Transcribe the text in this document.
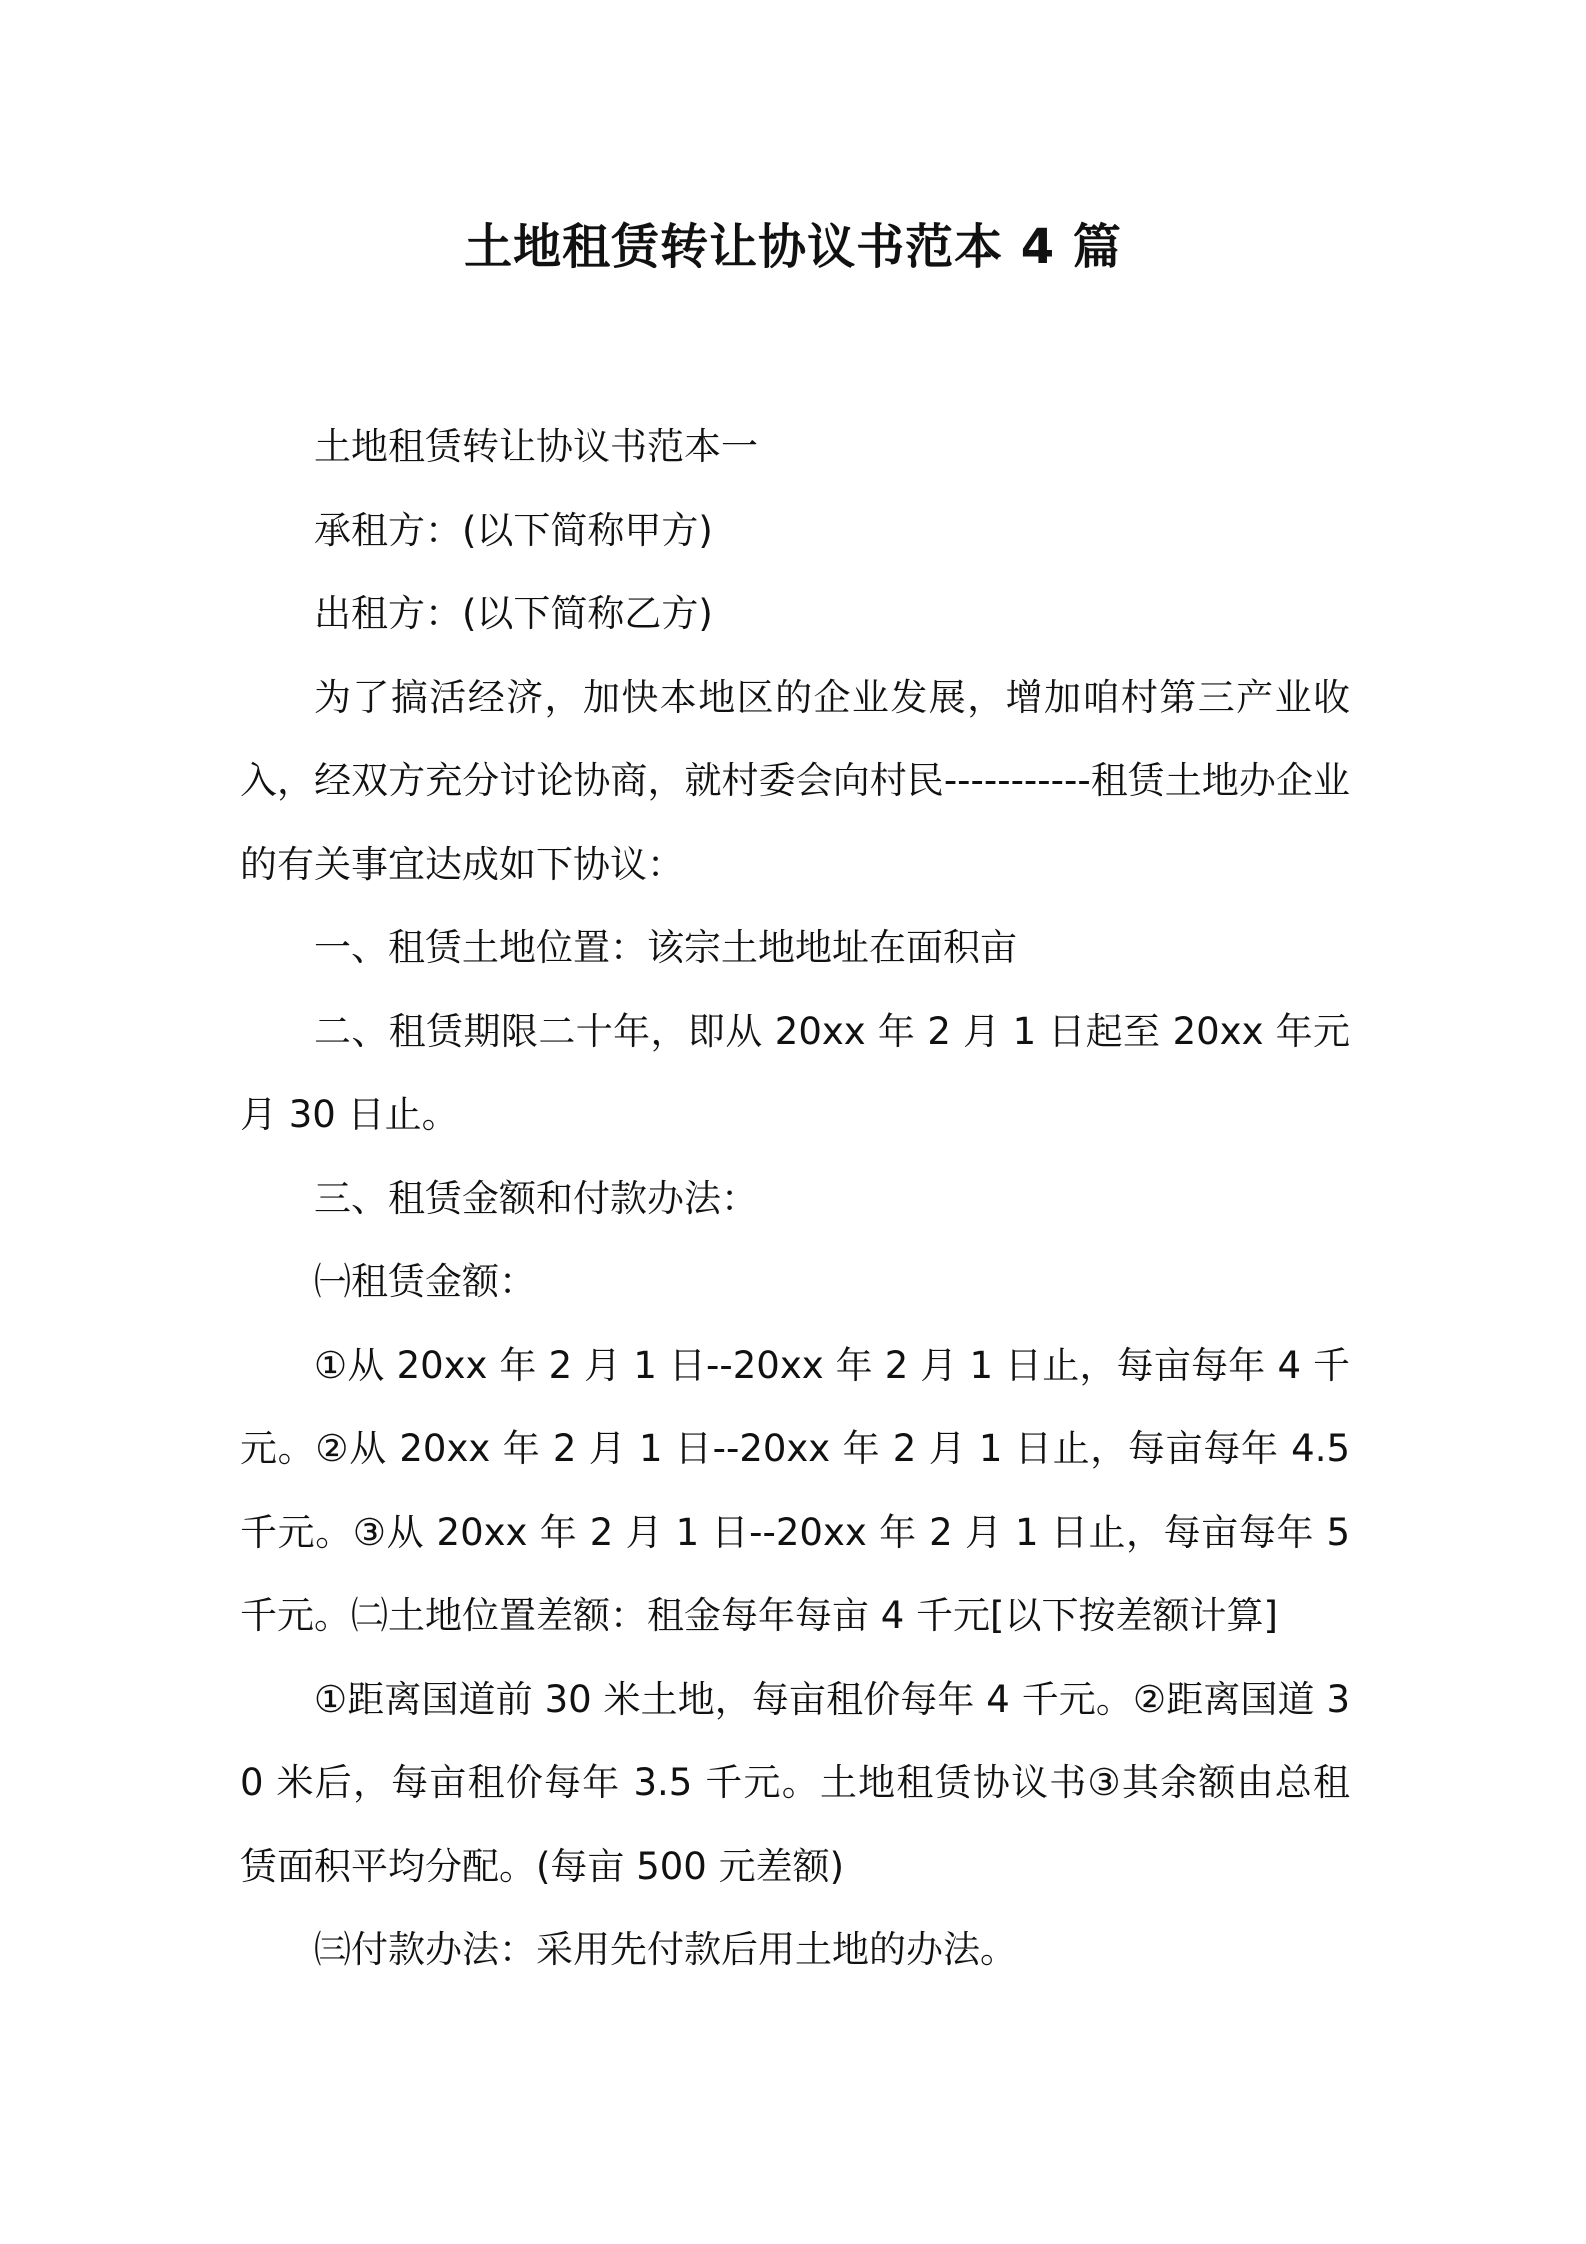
土地租赁转让协议书范本 4 篇

土地租赁转让协议书范本一

承租方：(以下简称甲方)

出租方：(以下简称乙方)

为了搞活经济，加快本地区的企业发展，增加咱村第三产业收入，经双方充分讨论协商，就村委会向村民-----------租赁土地办企业的有关事宜达成如下协议：

一、租赁土地位置：该宗土地地址在面积亩

二、租赁期限二十年，即从 20xx 年 2 月 1 日起至 20xx 年元月 30 日止。

三、租赁金额和付款办法：

㈠租赁金额：

①从 20xx 年 2 月 1 日--20xx 年 2 月 1 日止，每亩每年 4 千元。②从 20xx 年 2 月 1 日--20xx 年 2 月 1 日止，每亩每年 4.5 千元。③从 20xx 年 2 月 1 日--20xx 年 2 月 1 日止，每亩每年 5 千元。㈡土地位置差额：租金每年每亩 4 千元[以下按差额计算]

①距离国道前 30 米土地，每亩租价每年 4 千元。②距离国道 30 米后，每亩租价每年 3.5 千元。土地租赁协议书③其余额由总租赁面积平均分配。(每亩 500 元差额)

㈢付款办法：采用先付款后用土地的办法。
